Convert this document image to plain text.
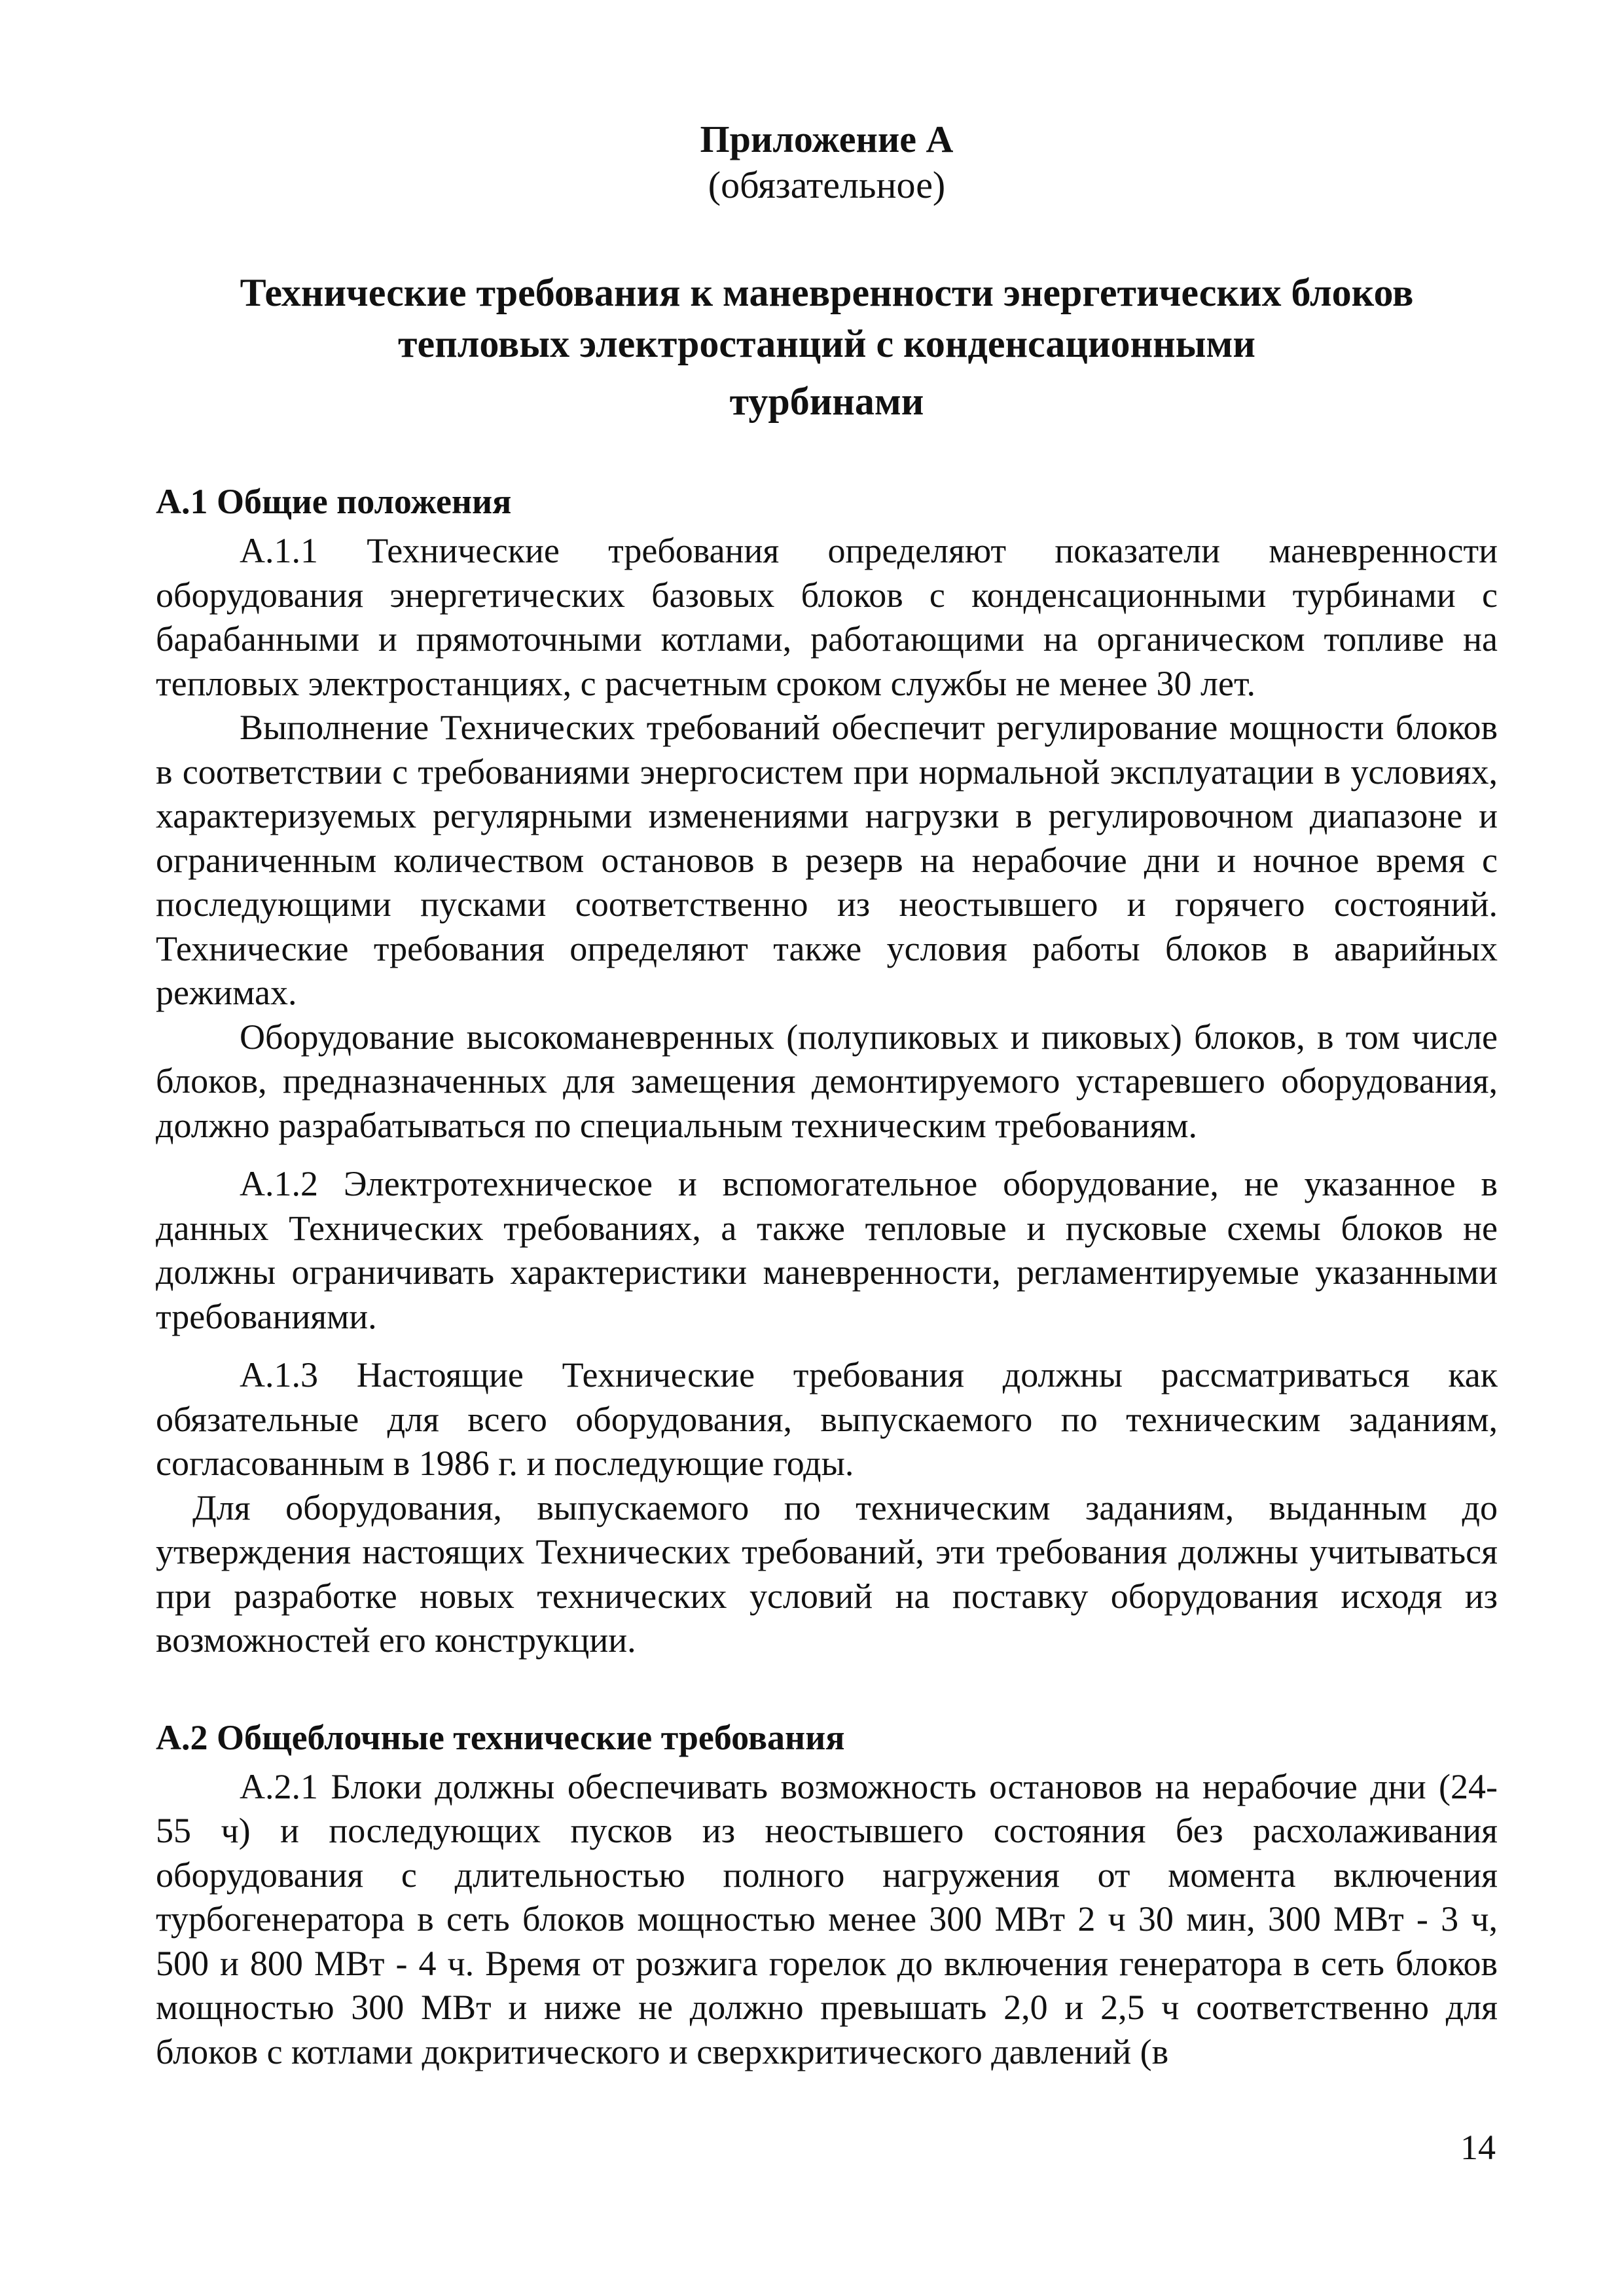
Приложение А

(обязательное)

Технические требования к маневренности энергетических блоков тепловых электростанций с конденсационными

турбинами

А.1 Общие положения

А.1.1 Технические требования определяют показатели маневренности оборудования энергетических базовых блоков с конденсационными турбинами с барабанными и прямоточными котлами, работающими на органическом топливе на тепловых электростанциях, с расчетным сроком службы не менее 30 лет.

Выполнение Технических требований обеспечит регулирование мощности блоков в соответствии с требованиями энергосистем при нормальной эксплуатации в условиях, характеризуемых регулярными изменениями нагрузки в регулировочном диапазоне и ограниченным количеством остановов в резерв на нерабочие дни и ночное время с последующими пусками соответственно из неостывшего и горячего состояний. Технические требования определяют также условия работы блоков в аварийных режимах.

Оборудование высокоманевренных (полупиковых и пиковых) блоков, в том числе блоков, предназначенных для замещения демонтируемого устаревшего оборудования, должно разрабатываться по специальным техническим требованиям.

А.1.2 Электротехническое и вспомогательное оборудование, не указанное в данных Технических требованиях, а также тепловые и пусковые схемы блоков не должны ограничивать характеристики маневренности, регламентируемые указанными требованиями.

А.1.3 Настоящие Технические требования должны рассматриваться как обязательные для всего оборудования, выпускаемого по техническим заданиям, согласованным в 1986 г. и последующие годы.

Для оборудования, выпускаемого по техническим заданиям, выданным до утверждения настоящих Технических требований, эти требования должны учитываться при разработке новых технических условий на поставку оборудования исходя из возможностей его конструкции.

А.2 Общеблочные технические требования

А.2.1 Блоки должны обеспечивать возможность остановов на нерабочие дни (24-55 ч) и последующих пусков из неостывшего состояния без расхолаживания оборудования с длительностью полного нагружения от момента включения турбогенератора в сеть блоков мощностью менее 300 МВт 2 ч 30 мин, 300 МВт - 3 ч, 500 и 800 МВт - 4 ч. Время от розжига горелок до включения генератора в сеть блоков мощностью 300 МВт и ниже не должно превышать 2,0 и 2,5 ч соответственно для блоков с котлами докритического и сверхкритического давлений (в

14
